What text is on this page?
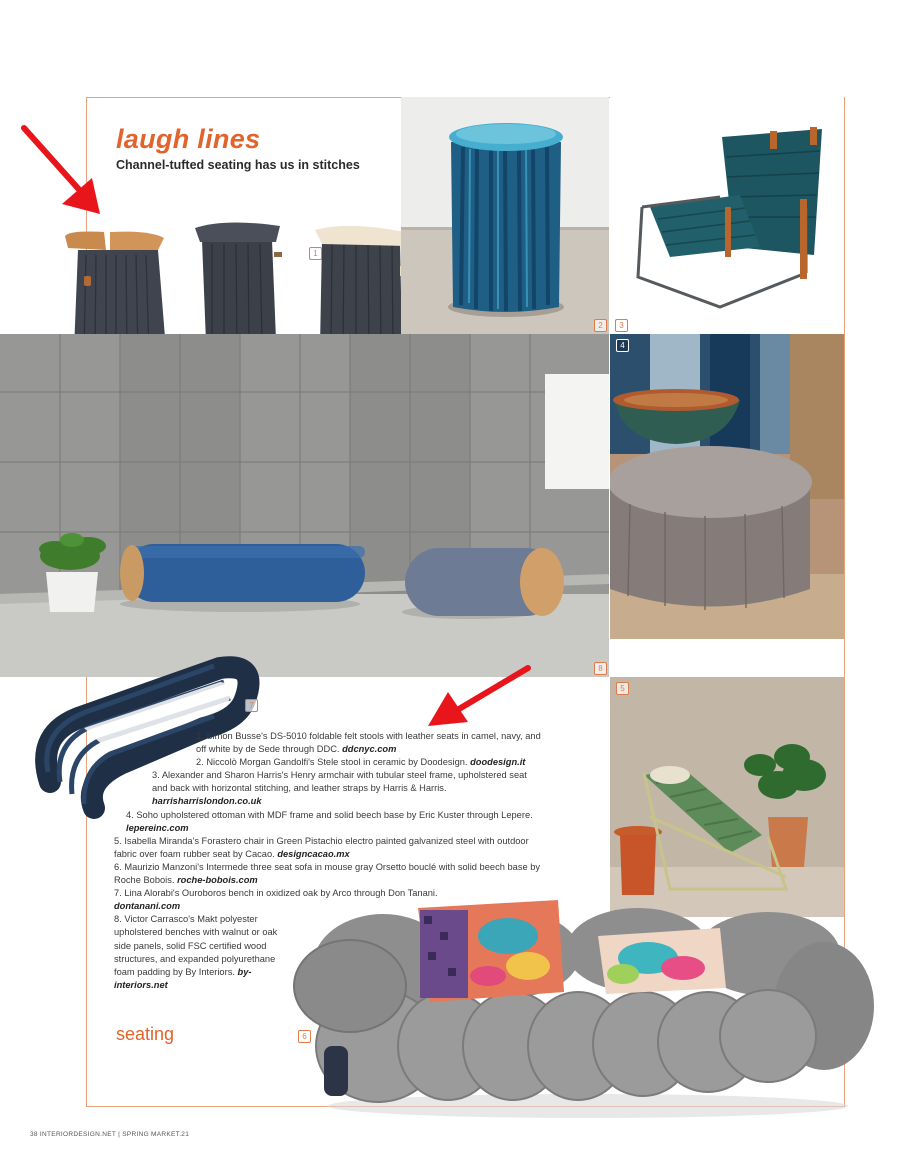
laugh lines
Channel-tufted seating has us in stitches
1
2	3
4
5
6
7
8

1. Simon Busse's DS-5010 foldable felt stools with leather seats in camel, navy, and off white by de Sede through DDC. ddcnyc.com

2. Niccolò Morgan Gandolfi's Stele stool in ceramic by Doodesign. doodesign.it

3. Alexander and Sharon Harris's Henry armchair with tubular steel frame, upholstered seat and back with horizontal stitching, and leather straps by Harris & Harris. harrisharrislondon.co.uk

4. Soho upholstered ottoman with MDF frame and solid beech base by Eric Kuster through Lepere. lepereinc.com

5. Isabella Miranda's Forastero chair in Green Pistachio electro painted galvanized steel with outdoor fabric over foam rubber seat by Cacao. designcacao.mx

6. Maurizio Manzoni's Intermede three seat sofa in mouse gray Orsetto bouclé with solid beech base by Roche Bobois. roche-bobois.com

7. Lina Alorabi's Ouroboros bench in oxidized oak by Arco through Don Tanani. dontanani.com

8. Victor Carrasco's Makt polyester upholstered benches with walnut or oak side panels, solid FSC certified wood structures, and expanded polyurethane foam padding by By Interiors. by-interiors.net

seating
38 INTERIORDESIGN.NET | SPRING MARKET.21
